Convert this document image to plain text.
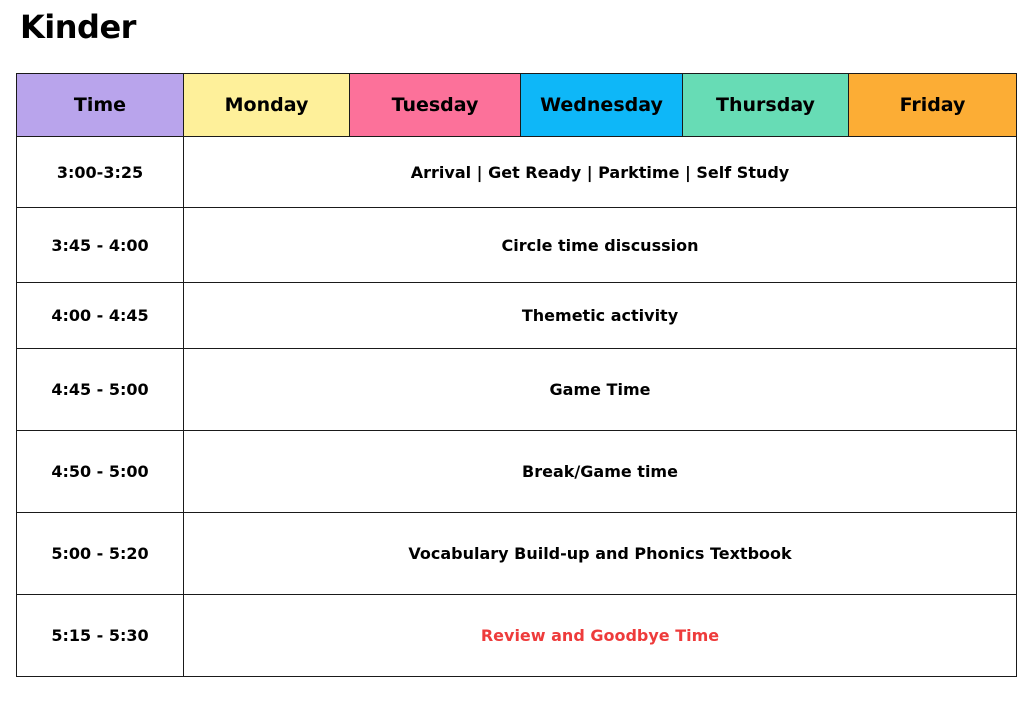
Kinder
Time	Monday	Tuesday	Wednesday	Thursday	Friday
3:00-3:25	Arrival | Get Ready | Parktime | Self Study				
3:45 - 4:00	Circle time discussion				
4:00 - 4:45	Themetic activity				
4:45 - 5:00	Game Time				
4:50 - 5:00	Break/Game time				
5:00 - 5:20	Vocabulary Build-up and Phonics Textbook				
5:15 - 5:30	Review and Goodbye Time				
